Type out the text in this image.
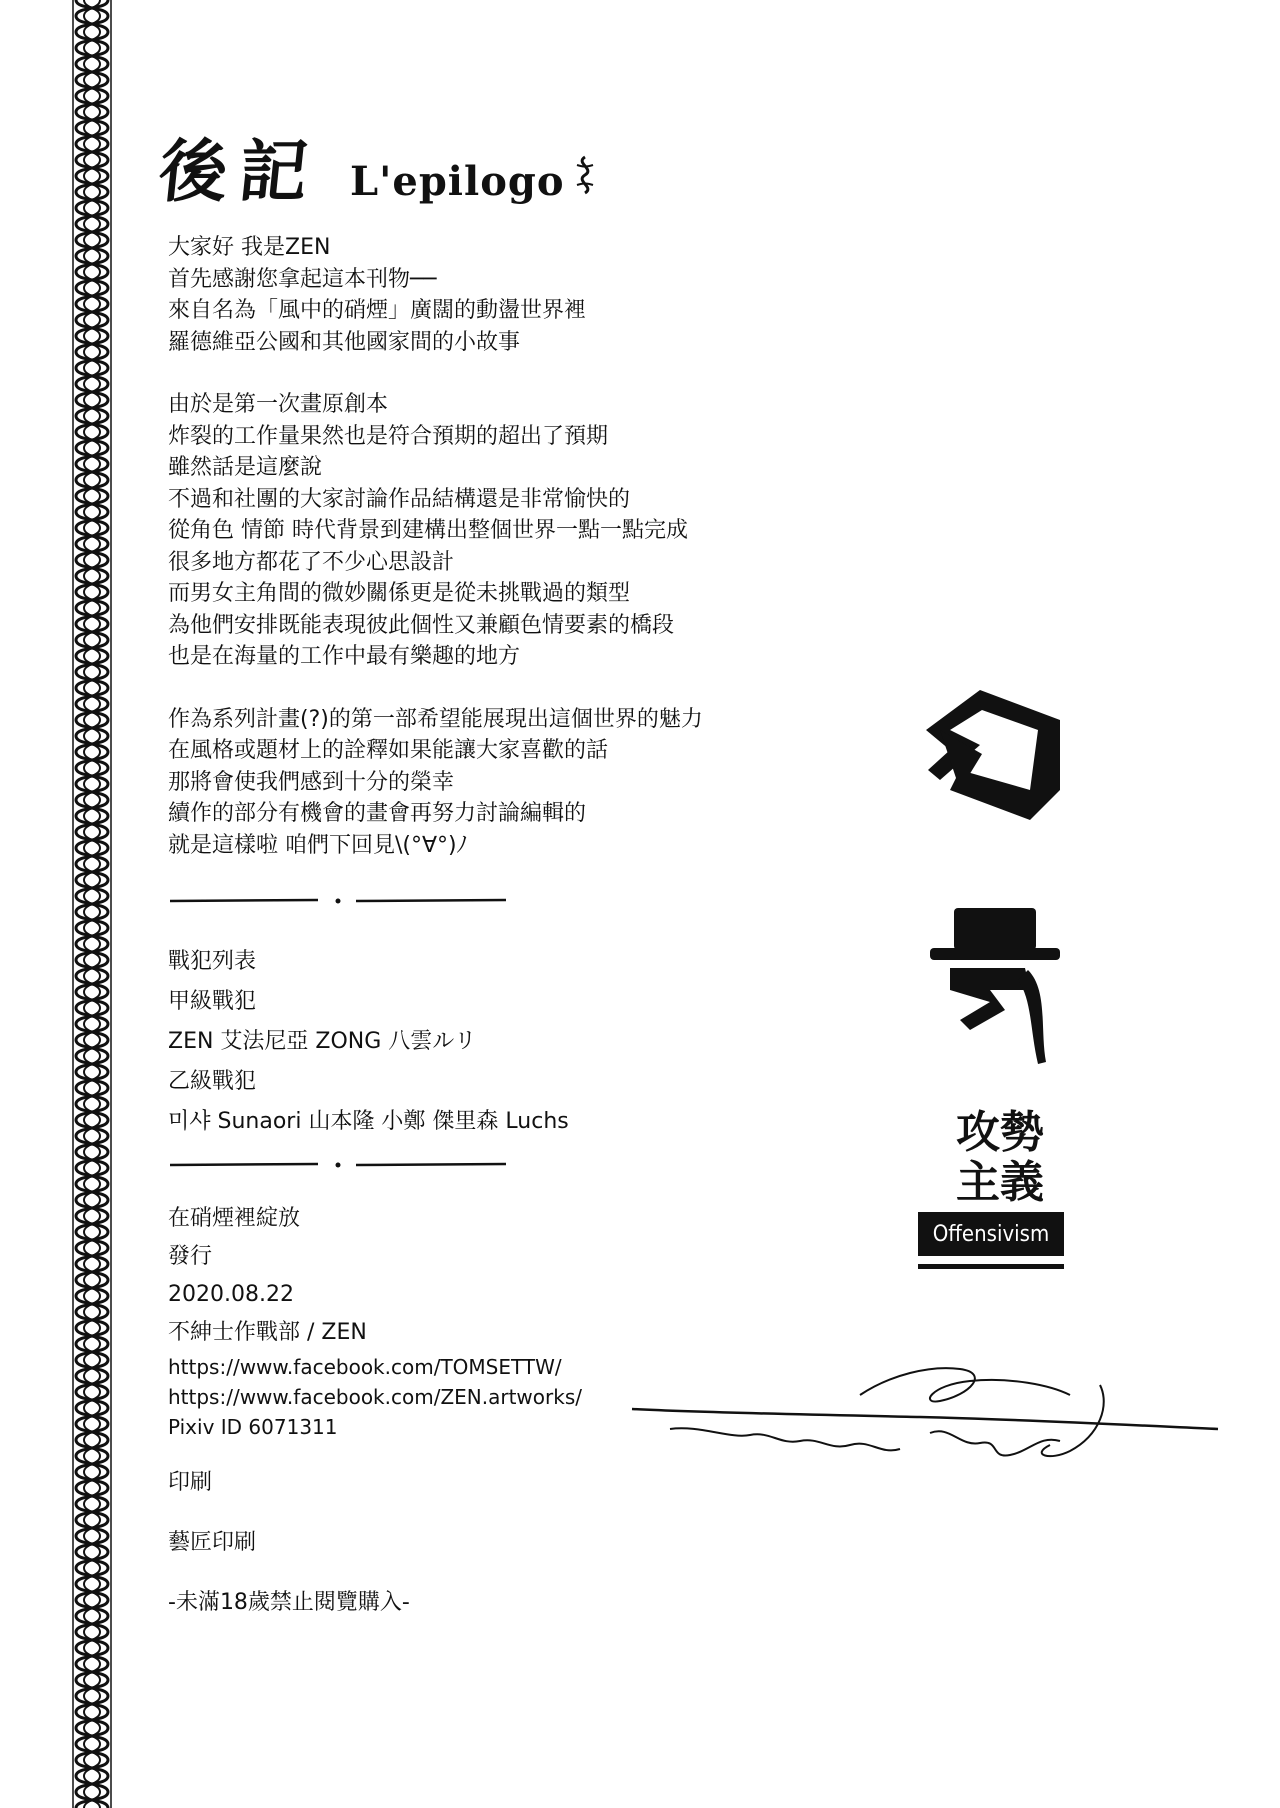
後記 L'epilogo
大家好 我是ZEN
首先感謝您拿起這本刊物──
來自名為「風中的硝煙」廣闊的動盪世界裡
羅德維亞公國和其他國家間的小故事
由於是第一次畫原創本
炸裂的工作量果然也是符合預期的超出了預期
雖然話是這麼說
不過和社團的大家討論作品結構還是非常愉快的
從角色 情節 時代背景到建構出整個世界一點一點完成
很多地方都花了不少心思設計
而男女主角間的微妙關係更是從未挑戰過的類型
為他們安排既能表現彼此個性又兼顧色情要素的橋段
也是在海量的工作中最有樂趣的地方
作為系列計畫(?)的第一部希望能展現出這個世界的魅力
在風格或題材上的詮釋如果能讓大家喜歡的話
那將會使我們感到十分的榮幸
續作的部分有機會的畫會再努力討論編輯的
就是這樣啦 咱們下回見\(°∀°)ﾉ
戰犯列表
甲級戰犯
ZEN 艾法尼亞 ZONG 八雲ルリ
乙級戰犯
미샤 Sunaori 山本隆 小鄭 傑里森 Luchs
在硝煙裡綻放
發行
2020.08.22
不紳士作戰部 / ZEN
https://www.facebook.com/TOMSETTW/
https://www.facebook.com/ZEN.artworks/
Pixiv ID 6071311
印刷
藝匠印刷
-未滿18歲禁止閱覽購入-
攻勢
主義
Offensivism
